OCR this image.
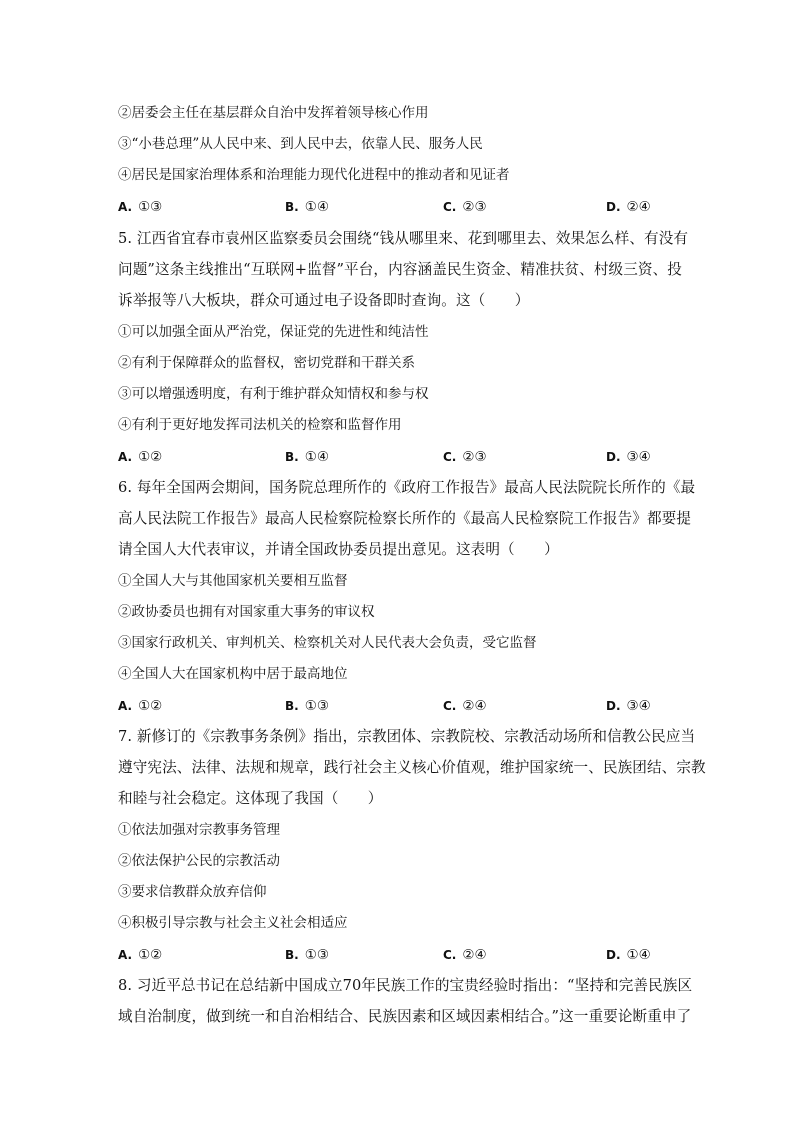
②居委会主任在基层群众自治中发挥着领导核心作用
③“小巷总理”从人民中来、到人民中去，依靠人民、服务人民
④居民是国家治理体系和治理能力现代化进程中的推动者和见证者
A. ①③	B. ①④	C. ②③	D. ②④
5. 江西省宜春市袁州区监察委员会围绕“钱从哪里来、花到哪里去、效果怎么样、有没有
问题”这条主线推出“互联网+监督”平台，内容涵盖民生资金、精准扶贫、村级三资、投
诉举报等八大板块，群众可通过电子设备即时查询。这（　　）
①可以加强全面从严治党，保证党的先进性和纯洁性
②有利于保障群众的监督权，密切党群和干群关系
③可以增强透明度，有利于维护群众知情权和参与权
④有利于更好地发挥司法机关的检察和监督作用
A. ①②	B. ①④	C. ②③	D. ③④
6. 每年全国两会期间，国务院总理所作的《政府工作报告》最高人民法院院长所作的《最
高人民法院工作报告》最高人民检察院检察长所作的《最高人民检察院工作报告》都要提
请全国人大代表审议，并请全国政协委员提出意见。这表明（　　）
①全国人大与其他国家机关要相互监督
②政协委员也拥有对国家重大事务的审议权
③国家行政机关、审判机关、检察机关对人民代表大会负责，受它监督
④全国人大在国家机构中居于最高地位
A. ①②	B. ①③	C. ②④	D. ③④
7. 新修订的《宗教事务条例》指出，宗教团体、宗教院校、宗教活动场所和信教公民应当
遵守宪法、法律、法规和规章，践行社会主义核心价值观，维护国家统一、民族团结、宗教
和睦与社会稳定。这体现了我国（　　）
①依法加强对宗教事务管理
②依法保护公民的宗教活动
③要求信教群众放弃信仰
④积极引导宗教与社会主义社会相适应
A. ①②	B. ①③	C. ②④	D. ①④
8. 习近平总书记在总结新中国成立70年民族工作的宝贵经验时指出：“坚持和完善民族区
域自治制度，做到统一和自治相结合、民族因素和区域因素相结合。”这一重要论断重申了
